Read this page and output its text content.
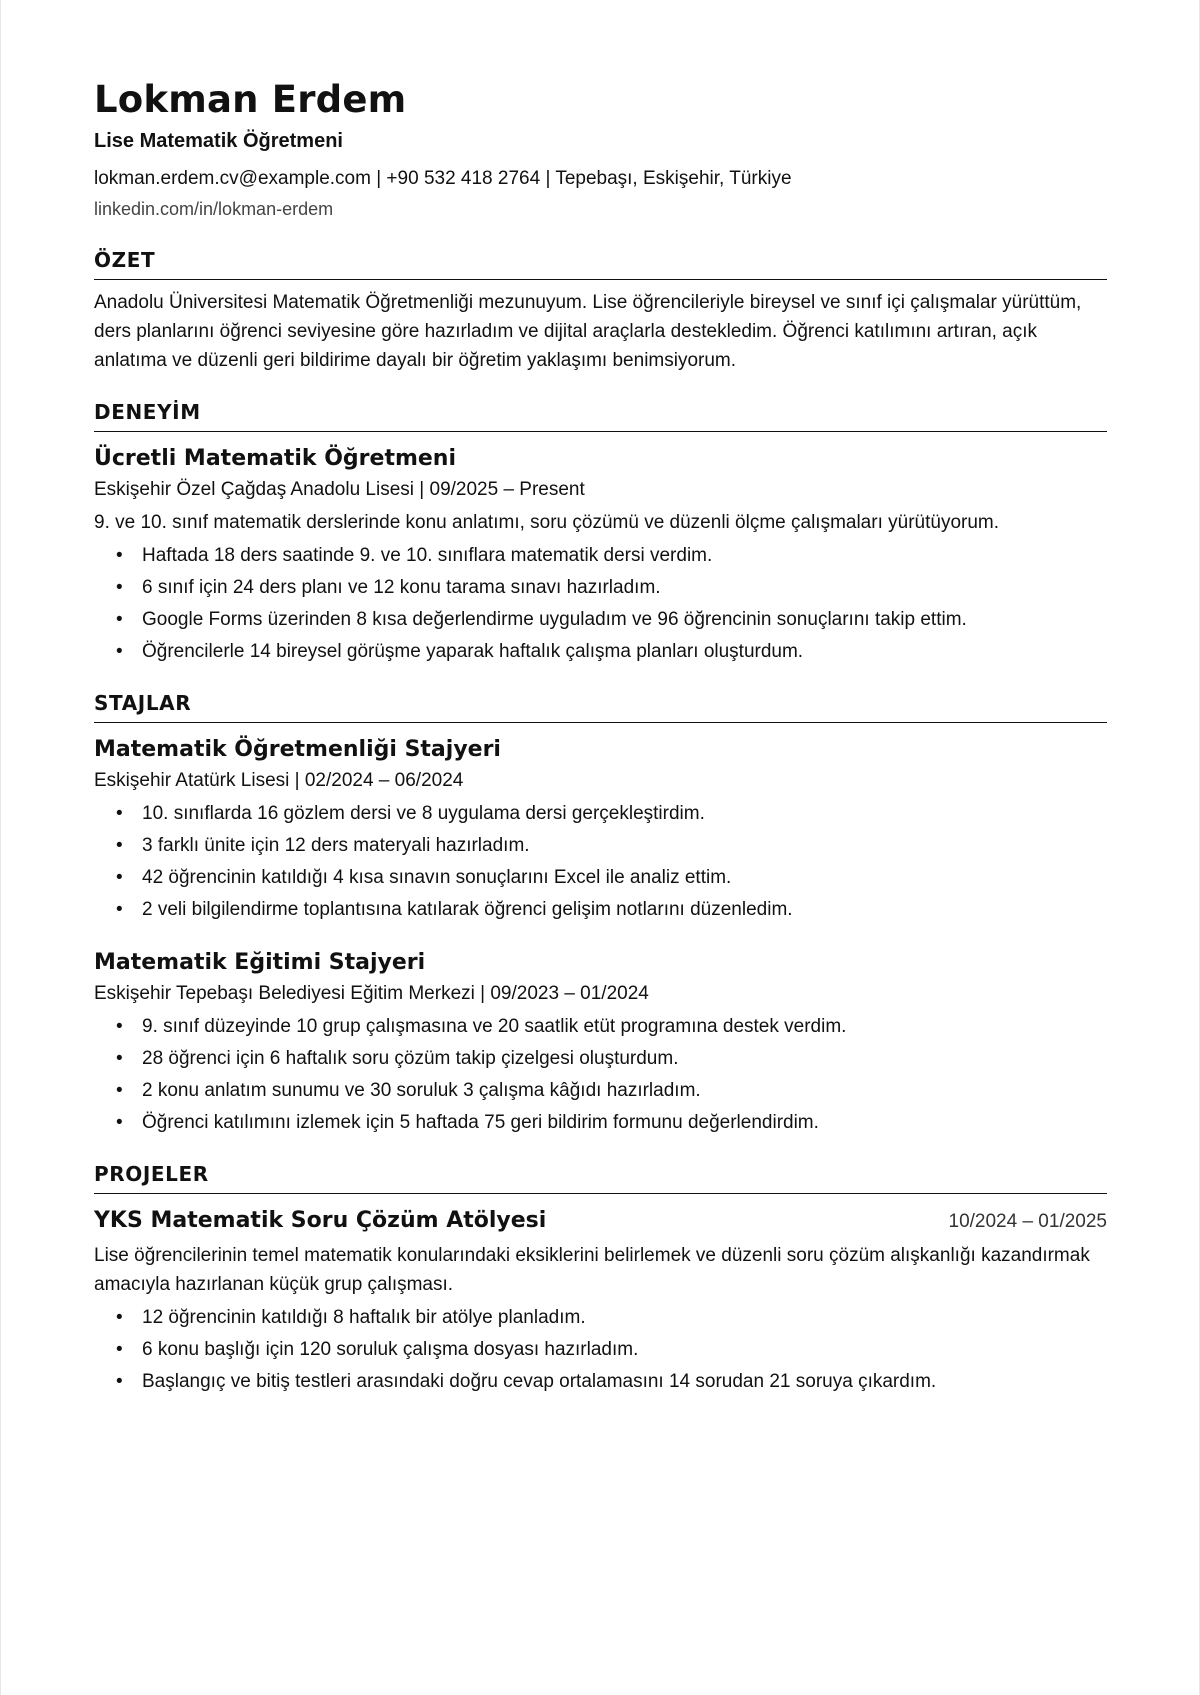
Lokman Erdem
Lise Matematik Öğretmeni
lokman.erdem.cv@example.com | +90 532 418 2764 | Tepebaşı, Eskişehir, Türkiye
linkedin.com/in/lokman-erdem
ÖZET
Anadolu Üniversitesi Matematik Öğretmenliği mezunuyum. Lise öğrencileriyle bireysel ve sınıf içi çalışmalar yürüttüm, ders planlarını öğrenci seviyesine göre hazırladım ve dijital araçlarla destekledim. Öğrenci katılımını artıran, açık anlatıma ve düzenli geri bildirime dayalı bir öğretim yaklaşımı benimsiyorum.
DENEYİM
Ücretli Matematik Öğretmeni
Eskişehir Özel Çağdaş Anadolu Lisesi | 09/2025 – Present
9. ve 10. sınıf matematik derslerinde konu anlatımı, soru çözümü ve düzenli ölçme çalışmaları yürütüyorum.
• Haftada 18 ders saatinde 9. ve 10. sınıflara matematik dersi verdim.
• 6 sınıf için 24 ders planı ve 12 konu tarama sınavı hazırladım.
• Google Forms üzerinden 8 kısa değerlendirme uyguladım ve 96 öğrencinin sonuçlarını takip ettim.
• Öğrencilerle 14 bireysel görüşme yaparak haftalık çalışma planları oluşturdum.
STAJLAR
Matematik Öğretmenliği Stajyeri
Eskişehir Atatürk Lisesi | 02/2024 – 06/2024
• 10. sınıflarda 16 gözlem dersi ve 8 uygulama dersi gerçekleştirdim.
• 3 farklı ünite için 12 ders materyali hazırladım.
• 42 öğrencinin katıldığı 4 kısa sınavın sonuçlarını Excel ile analiz ettim.
• 2 veli bilgilendirme toplantısına katılarak öğrenci gelişim notlarını düzenledim.
Matematik Eğitimi Stajyeri
Eskişehir Tepebaşı Belediyesi Eğitim Merkezi | 09/2023 – 01/2024
• 9. sınıf düzeyinde 10 grup çalışmasına ve 20 saatlik etüt programına destek verdim.
• 28 öğrenci için 6 haftalık soru çözüm takip çizelgesi oluşturdum.
• 2 konu anlatım sunumu ve 30 soruluk 3 çalışma kâğıdı hazırladım.
• Öğrenci katılımını izlemek için 5 haftada 75 geri bildirim formunu değerlendirdim.
PROJELER
YKS Matematik Soru Çözüm Atölyesi	10/2024 – 01/2025
Lise öğrencilerinin temel matematik konularındaki eksiklerini belirlemek ve düzenli soru çözüm alışkanlığı kazandırmak amacıyla hazırlanan küçük grup çalışması.
• 12 öğrencinin katıldığı 8 haftalık bir atölye planladım.
• 6 konu başlığı için 120 soruluk çalışma dosyası hazırladım.
• Başlangıç ve bitiş testleri arasındaki doğru cevap ortalamasını 14 sorudan 21 soruya çıkardım.
